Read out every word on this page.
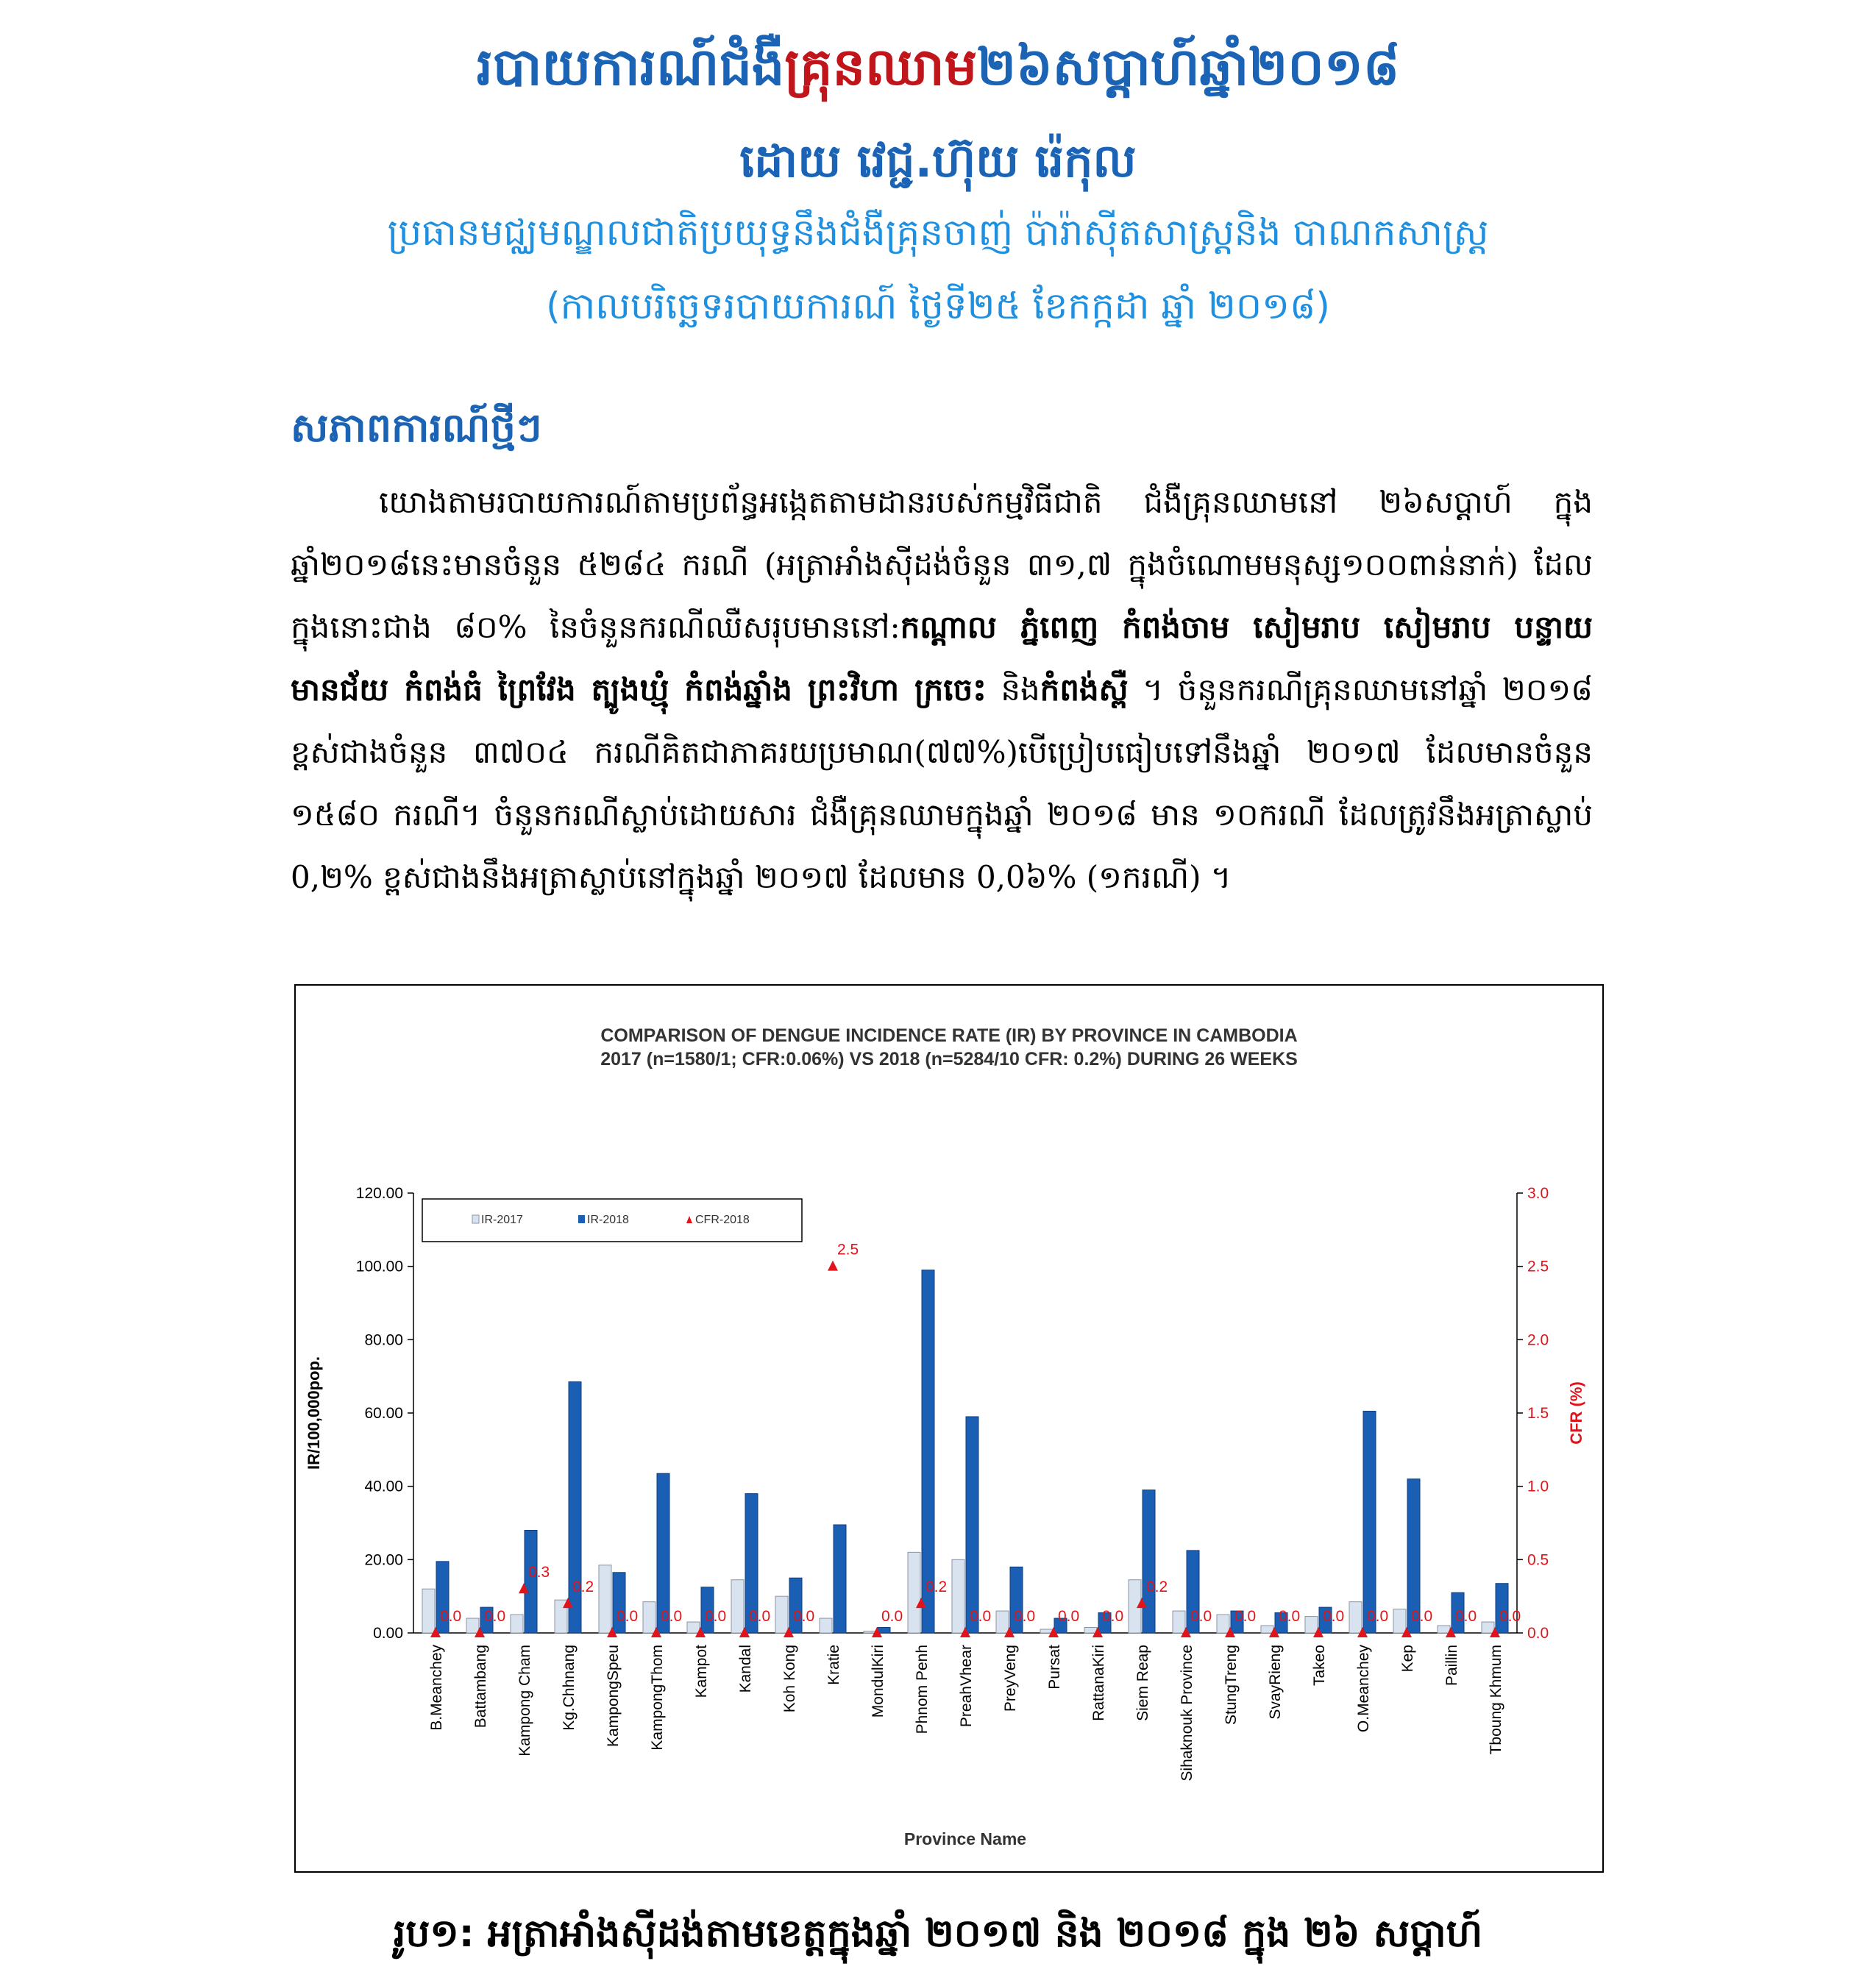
របាយការណ៍ជំងឺគ្រុនឈាម២៦សប្តាហ៍ឆ្នាំ២០១៨
ដោយ វេជ្ជ.ហ៊ុយ រ៉េកុល
ប្រធានមជ្ឈមណ្ឌលជាតិប្រយុទ្ធនឹងជំងឺគ្រុនចាញ់ ប៉ារ៉ាស៊ីតសាស្ត្រនិង បាណកសាស្ត្រ
(កាលបរិច្ឆេទរបាយការណ៍ ថ្ងៃទី២៥ ខែកក្កដា ឆ្នាំ ២០១៨)
សភាពការណ៍ថ្មីៗ
យោងតាមរបាយការណ៍តាមប្រព័ន្ធអង្កេតតាមដានរបស់កម្មវិធីជាតិ ជំងឺគ្រុនឈាមនៅ ២៦សប្តាហ៍ ក្នុងឆ្នាំ២០១៨នេះមានចំនួន ៥២៨៤ ករណី (អត្រាអាំងស៊ីដង់ចំនួន ៣១,៧ ក្នុងចំណោមមនុស្ស១០០ពាន់នាក់) ដែលក្នុងនោះជាង ៨០% នៃចំនួនករណីឈឺសរុបមាននៅ:កណ្តាល ភ្នំពេញ កំពង់ចាម សៀមរាប សៀមរាប បន្ទាយមានជ័យ កំពង់ធំ ព្រៃវែង ត្បូងឃ្មុំ កំពង់ឆ្នាំង ព្រះវិហា ក្រចេះ និងកំពង់ស្ពឺ ។ ចំនួនករណីគ្រុនឈាមនៅឆ្នាំ ២០១៨ ខ្ពស់ជាងចំនួន ៣៧០៤ ករណីគិតជាភាគរយប្រមាណ(៧៧%)បើប្រៀបធៀបទៅនឹងឆ្នាំ ២០១៧ ដែលមានចំនួន ១៥៨០ ករណី។ ចំនួនករណីស្លាប់ដោយសារ ជំងឺគ្រុនឈាមក្នុងឆ្នាំ ២០១៨ មាន ១០ករណី ដែលត្រូវនឹងអត្រាស្លាប់ 0,២% ខ្ពស់ជាងនឹងអត្រាស្លាប់នៅក្នុងឆ្នាំ ២០១៧ ដែលមាន 0,0៦% (១ករណី) ។
COMPARISON OF DENGUE INCIDENCE RATE (IR) BY PROVINCE IN CAMBODIA
2017 (n=1580/1; CFR:0.06%) VS 2018 (n=5284/10 CFR: 0.2%) DURING 26 WEEKS
0.00
20.00
40.00
60.00
80.00
100.00
120.00
0.0
0.5
1.0
1.5
2.0
2.5
3.0
IR/100,000pop.	CFR (%)
Province Name
0.0
B.Meanchey
0.0
Battambang
0.3
Kampong Cham
0.2
Kg.Chhnang
0.0
KampongSpeu
0.0
KampongThom
0.0
Kampot
0.0
Kandal
0.0
Koh Kong
2.5
Kratie
0.0
MondulKiri
0.2
Phnom Penh
0.0
PreahVhear
0.0
PreyVeng
0.0
Pursat
0.0
RattanaKiri
0.2
Siem Reap
0.0
Sihaknouk Province
0.0
StungTreng
0.0
SvayRieng
0.0
Takeo
0.0
O.Meanchey
0.0
Kep
0.0
Paillin
0.0
Tboung Khmum
IR-2017	IR-2018	CFR-2018
រូប១: អត្រាអាំងស៊ីដង់តាមខេត្តក្នុងឆ្នាំ ២០១៧ និង ២០១៨ ក្នុង ២៦ សប្តាហ៍
